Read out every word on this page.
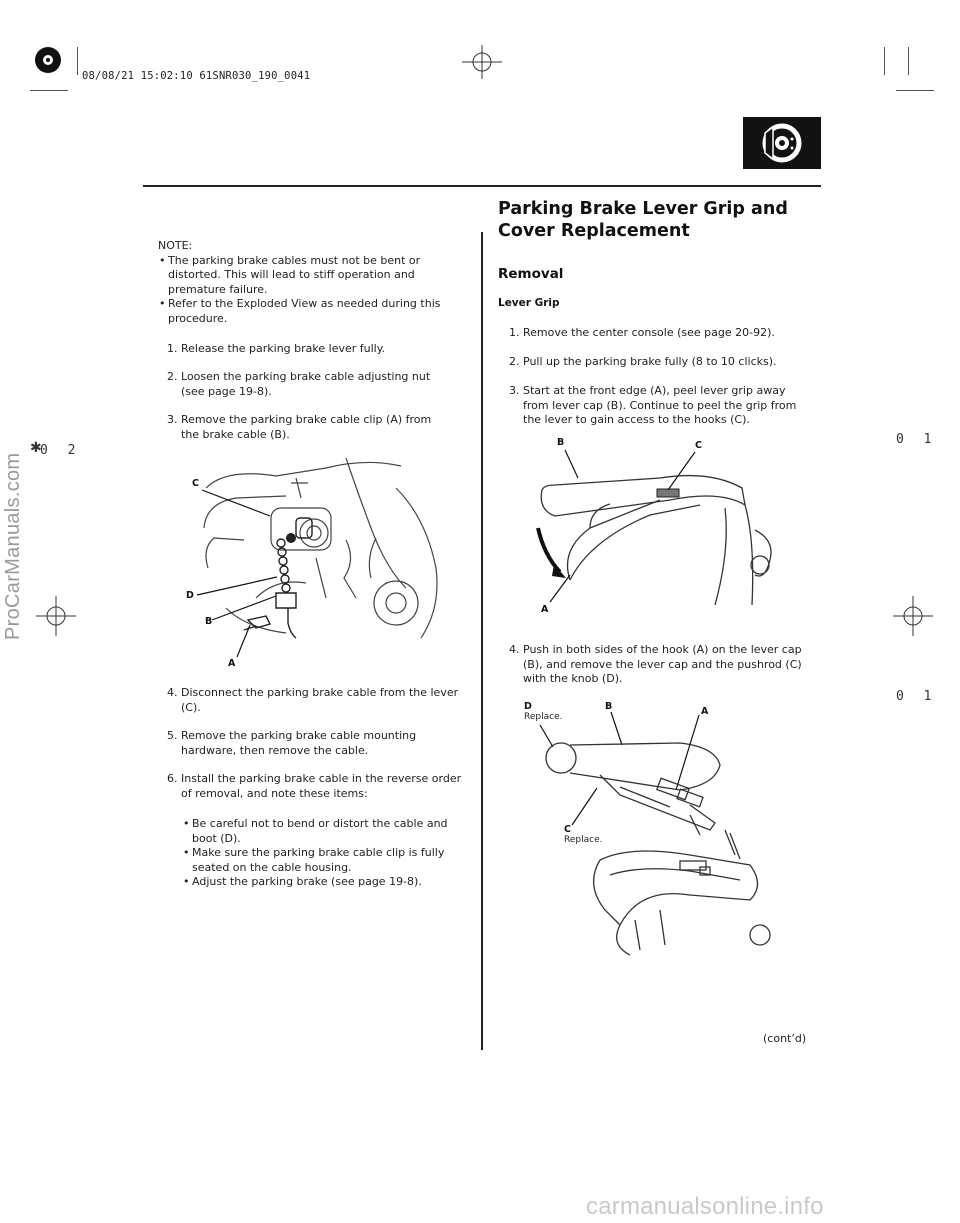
08/08/21 15:02:10 61SNR030_190_0041
0 2
✱
0 1
0 1
ProCarManuals.com
Parking Brake Lever Grip and Cover Replacement
NOTE:
• The parking brake cables must not be bent or distorted. This will lead to stiff operation and premature failure.
• Refer to the Exploded View as needed during this procedure.
1. Release the parking brake lever fully.
2. Loosen the parking brake cable adjusting nut (see page 19-8).
3. Remove the parking brake cable clip (A) from the brake cable (B).
C
D
B
A
4. Disconnect the parking brake cable from the lever (C).
5. Remove the parking brake cable mounting hardware, then remove the cable.
6. Install the parking brake cable in the reverse order of removal, and note these items:
• Be careful not to bend or distort the cable and boot (D).
• Make sure the parking brake cable clip is fully seated on the cable housing.
• Adjust the parking brake (see page 19-8).
Removal
Lever Grip
1. Remove the center console (see page 20-92).
2. Pull up the parking brake fully (8 to 10 clicks).
3. Start at the front edge (A), peel lever grip away from lever cap (B). Continue to peel the grip from the lever to gain access to the hooks (C).
B	C
A
4. Push in both sides of the hook (A) on the lever cap (B), and remove the lever cap and the pushrod (C) with the knob (D).
D
Replace.
B	A
C
Replace.
(cont’d)
carmanualsonline.info
